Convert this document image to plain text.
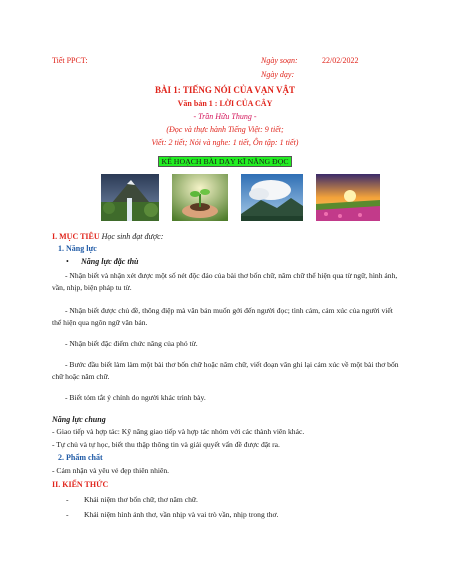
Tiết PPCT:	Ngày soạn:	22/02/2022
Ngày dạy:
BÀI 1: TIẾNG NÓI CỦA VẠN VẬT
Văn bản 1 : LỜI CỦA CÂY
- Trần Hữu Thung -
(Đọc và thực hành Tiếng Việt: 9 tiết;
Viết: 2 tiết; Nói và nghe: 1 tiết, Ôn tập: 1 tiết)
KẾ HOẠCH BÀI DẠY KĨ NĂNG ĐỌC
I. MỤC TIÊU Học sinh đạt được:
1. Năng lực
• Năng lực đặc thù
- Nhận biết và nhận xét được một số nét độc đáo của bài thơ bốn chữ, năm chữ thể hiện qua từ ngữ, hình ảnh, vần, nhịp, biện pháp tu từ.
- Nhận biết được chủ đề, thông điệp mà văn bản muốn gởi đến người đọc; tình cảm, cảm xúc của người viết thể hiện qua ngôn ngữ văn bản.
- Nhận biết đặc điểm chức năng của phó từ.
- Bước đầu biết làm làm một bài thơ bốn chữ hoặc năm chữ, viết đoạn văn ghi lại cảm xúc về một bài thơ bốn chữ hoặc năm chữ.
- Biết tóm tắt ý chính do người khác trình bày.
Năng lực chung
- Giao tiếp và hợp tác: Kỹ năng giao tiếp và hợp tác nhóm với các thành viên khác.
- Tự chủ và tự học, biết thu thập thông tin và giải quyết vấn đề được đặt ra.
2. Phẩm chất
- Cảm nhận và yêu vẻ đẹp thiên nhiên.
II. KIẾN THỨC
- Khái niệm thơ bốn chữ, thơ năm chữ.
- Khái niệm hình ảnh thơ, vần nhịp và vai trò vần, nhịp trong thơ.
